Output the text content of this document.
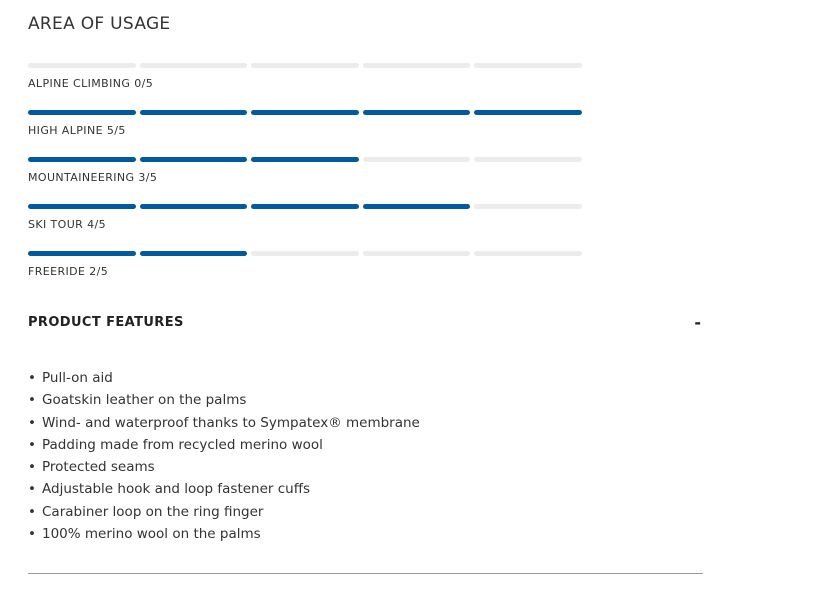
AREA OF USAGE
ALPINE CLIMBING 0/5
HIGH ALPINE 5/5
MOUNTAINEERING 3/5
SKI TOUR 4/5
FREERIDE 2/5
PRODUCT FEATURES	-
• Pull-on aid
• Goatskin leather on the palms
• Wind- and waterproof thanks to Sympatex® membrane
• Padding made from recycled merino wool
• Protected seams
• Adjustable hook and loop fastener cuffs
• Carabiner loop on the ring finger
• 100% merino wool on the palms
